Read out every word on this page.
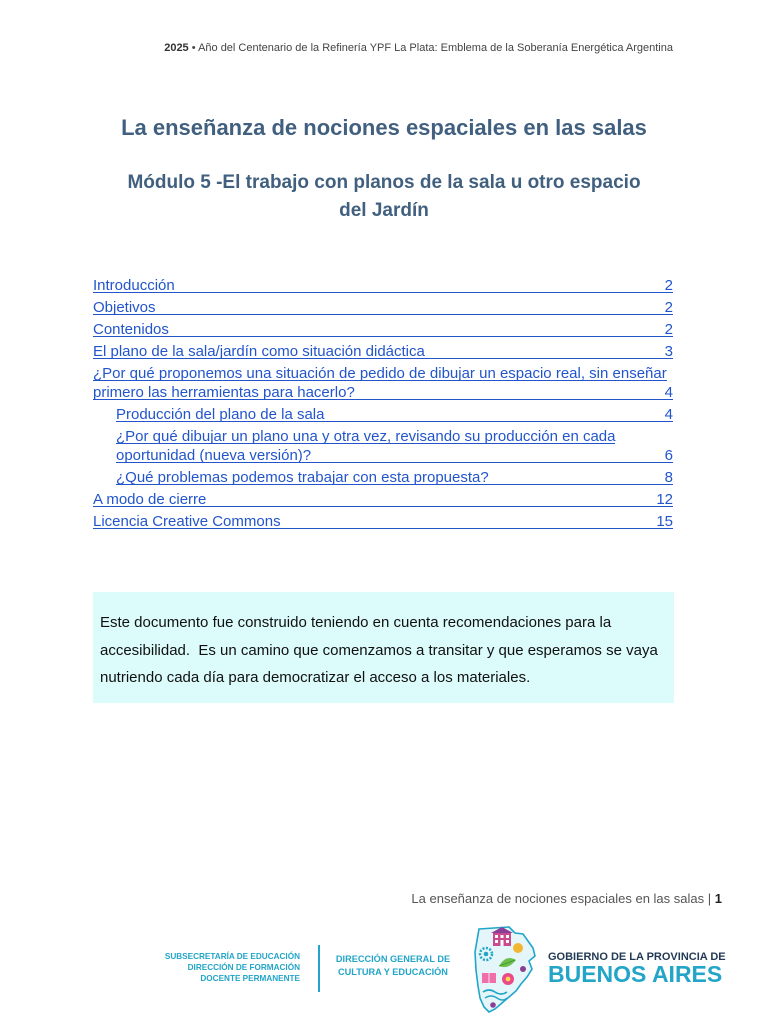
2025 • Año del Centenario de la Refinería YPF La Plata: Emblema de la Soberanía Energética Argentina
La enseñanza de nociones espaciales en las salas
Módulo 5 -El trabajo con planos de la sala u otro espacio
del Jardín
Introducción	2
Objetivos	2
Contenidos	2
El plano de la sala/jardín como situación didáctica	3
¿Por qué proponemos una situación de pedido de dibujar un espacio real, sin enseñar
primero las herramientas para hacerlo?	4
Producción del plano de la sala	4
¿Por qué dibujar un plano una y otra vez, revisando su producción en cada
oportunidad (nueva versión)?	6
¿Qué problemas podemos trabajar con esta propuesta?	8
A modo de cierre	12
Licencia Creative Commons	15
Este documento fue construido teniendo en cuenta recomendaciones para la
accesibilidad.  Es un camino que comenzamos a transitar y que esperamos se vaya
nutriendo cada día para democratizar el acceso a los materiales.
La enseñanza de nociones espaciales en las salas | 1
SUBSECRETARÍA DE EDUCACIÓN
DIRECCIÓN DE FORMACIÓN
DOCENTE PERMANENTE
DIRECCIÓN GENERAL DE
CULTURA Y EDUCACIÓN
GOBIERNO DE LA PROVINCIA DE
BUENOS AIRES
